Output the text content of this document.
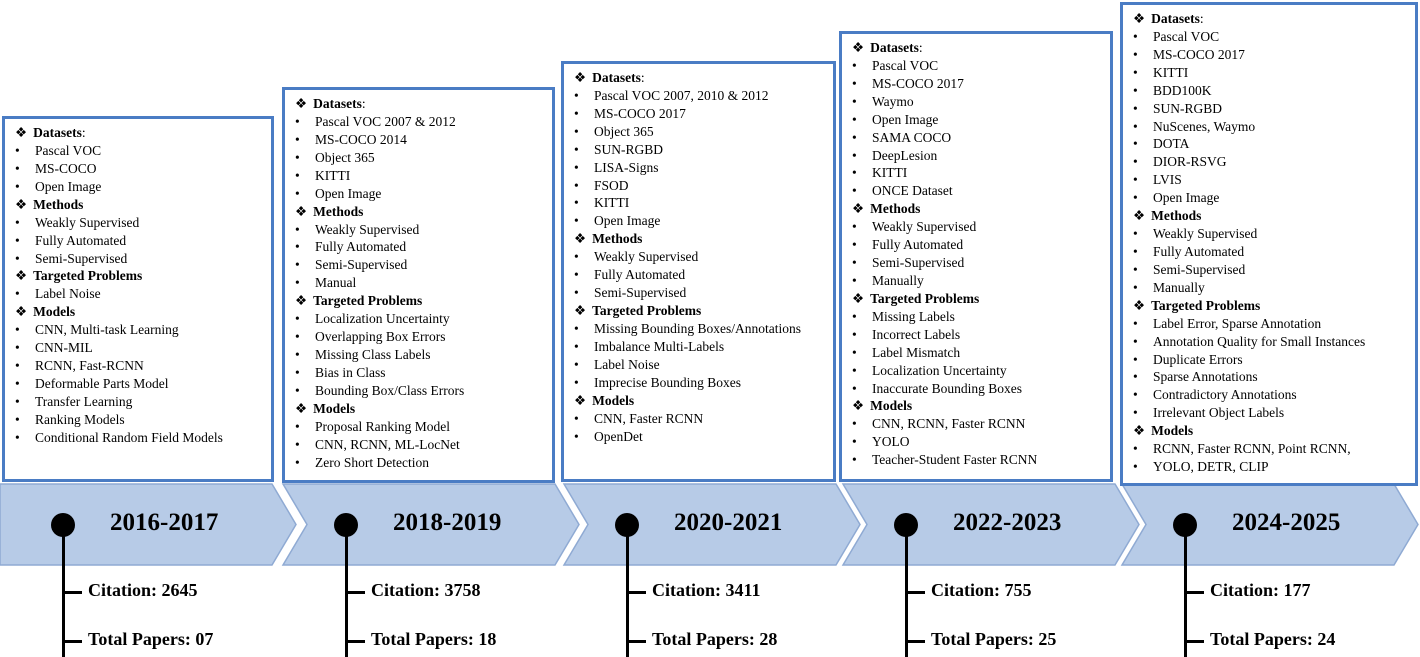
❖ Datasets:
• Pascal VOC
• MS-COCO
• Open Image
❖ Methods
• Weakly Supervised
• Fully Automated
• Semi-Supervised
❖ Targeted Problems
• Label Noise
❖ Models
• CNN, Multi-task Learning
• CNN-MIL
• RCNN, Fast-RCNN
• Deformable Parts Model
• Transfer Learning
• Ranking Models
• Conditional Random Field Models
2016-2017
Citation: 2645
Total Papers: 07
❖ Datasets:
• Pascal VOC 2007 & 2012
• MS-COCO 2014
• Object 365
• KITTI
• Open Image
❖ Methods
• Weakly Supervised
• Fully Automated
• Semi-Supervised
• Manual
❖ Targeted Problems
• Localization Uncertainty
• Overlapping Box Errors
• Missing Class Labels
• Bias in Class
• Bounding Box/Class Errors
❖ Models
• Proposal Ranking Model
• CNN, RCNN, ML-LocNet
• Zero Short Detection
2018-2019
Citation: 3758
Total Papers: 18
❖ Datasets:
• Pascal VOC 2007, 2010 & 2012
• MS-COCO 2017
• Object 365
• SUN-RGBD
• LISA-Signs
• FSOD
• KITTI
• Open Image
❖ Methods
• Weakly Supervised
• Fully Automated
• Semi-Supervised
❖ Targeted Problems
• Missing Bounding Boxes/Annotations
• Imbalance Multi-Labels
• Label Noise
• Imprecise Bounding Boxes
❖ Models
• CNN, Faster RCNN
• OpenDet
2020-2021
Citation: 3411
Total Papers: 28
❖ Datasets:
• Pascal VOC
• MS-COCO 2017
• Waymo
• Open Image
• SAMA COCO
• DeepLesion
• KITTI
• ONCE Dataset
❖ Methods
• Weakly Supervised
• Fully Automated
• Semi-Supervised
• Manually
❖ Targeted Problems
• Missing Labels
• Incorrect Labels
• Label Mismatch
• Localization Uncertainty
• Inaccurate Bounding Boxes
❖ Models
• CNN, RCNN, Faster RCNN
• YOLO
• Teacher-Student Faster RCNN
2022-2023
Citation: 755
Total Papers: 25
❖ Datasets:
• Pascal VOC
• MS-COCO 2017
• KITTI
• BDD100K
• SUN-RGBD
• NuScenes, Waymo
• DOTA
• DIOR-RSVG
• LVIS
• Open Image
❖ Methods
• Weakly Supervised
• Fully Automated
• Semi-Supervised
• Manually
❖ Targeted Problems
• Label Error, Sparse Annotation
• Annotation Quality for Small Instances
• Duplicate Errors
• Sparse Annotations
• Contradictory Annotations
• Irrelevant Object Labels
❖ Models
• RCNN, Faster RCNN, Point RCNN,
• YOLO, DETR, CLIP
2024-2025
Citation: 177
Total Papers: 24
